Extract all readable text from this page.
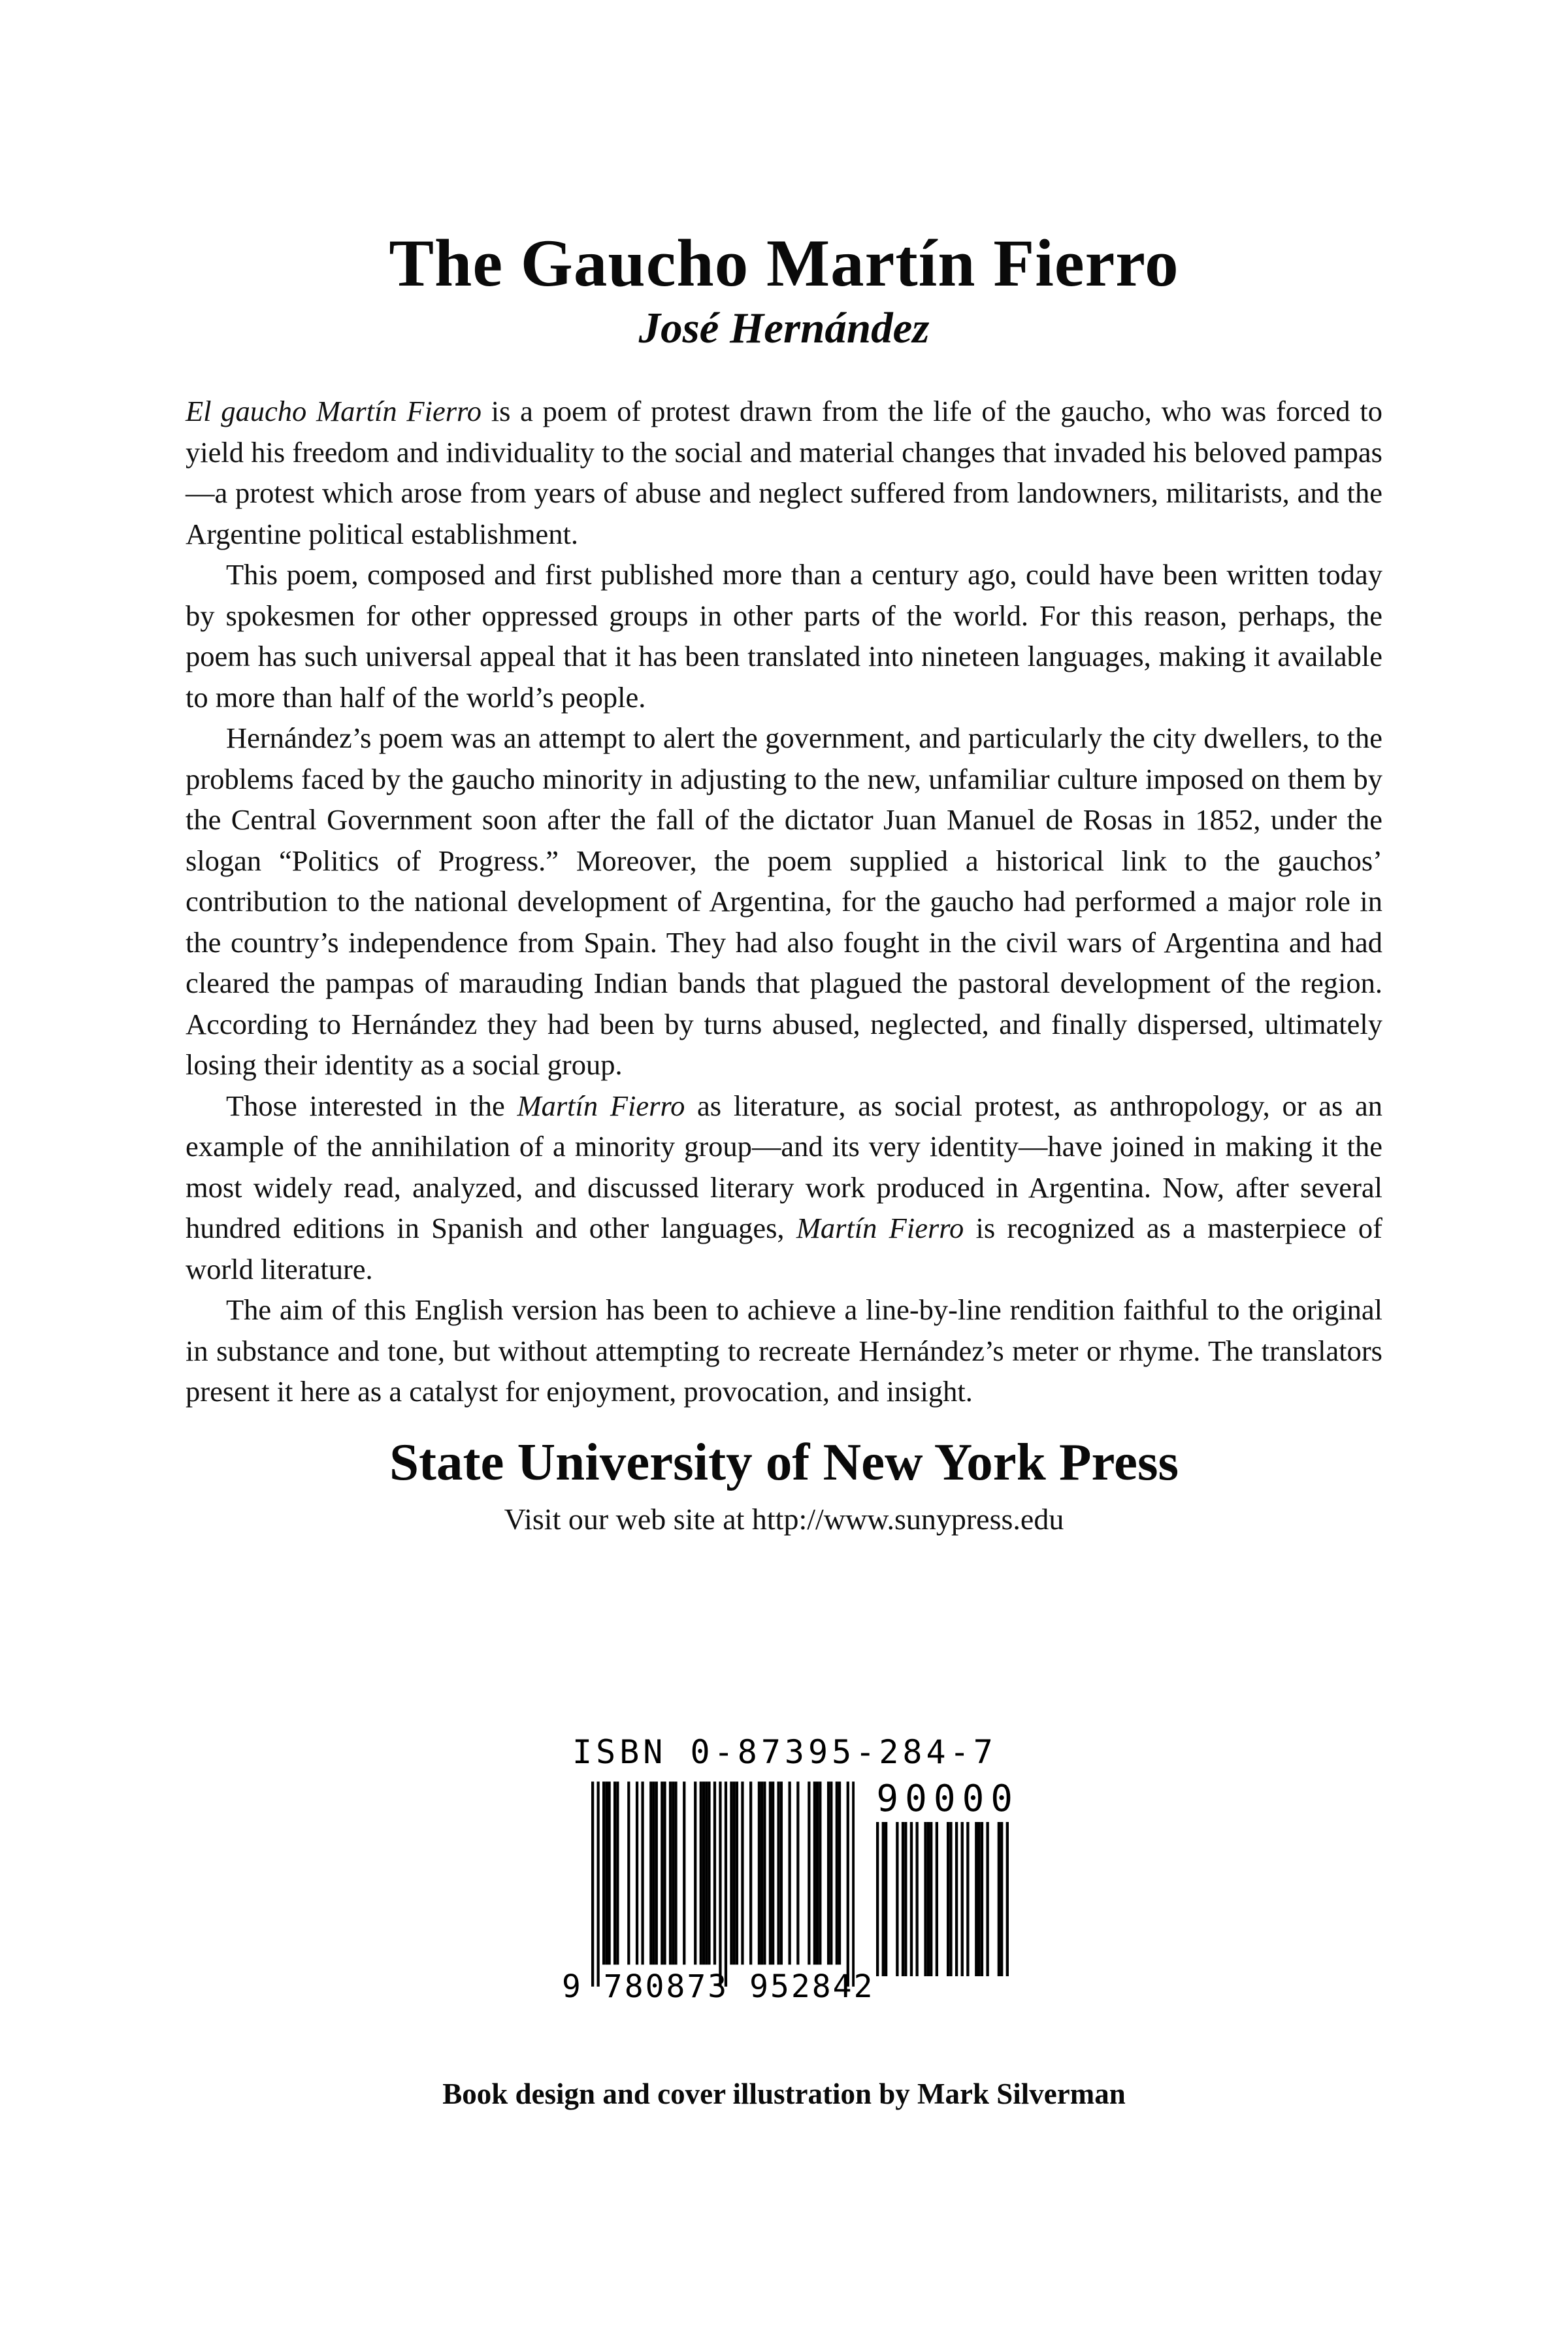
The Gaucho Martín Fierro
José Hernández

El gaucho Martín Fierro is a poem of protest drawn from the life of the gaucho, who was forced to yield his freedom and individuality to the social and material changes that invaded his beloved pampas—a protest which arose from years of abuse and neglect suffered from landowners, militarists, and the Argentine political establishment.

This poem, composed and first published more than a century ago, could have been written today by spokesmen for other oppressed groups in other parts of the world. For this reason, perhaps, the poem has such universal appeal that it has been translated into nineteen languages, making it available to more than half of the world’s people.

Hernández’s poem was an attempt to alert the government, and particularly the city dwellers, to the problems faced by the gaucho minority in adjusting to the new, unfamiliar culture imposed on them by the Central Government soon after the fall of the dictator Juan Manuel de Rosas in 1852, under the slogan “Politics of Progress.” Moreover, the poem supplied a historical link to the gauchos’ contribution to the national development of Argentina, for the gaucho had performed a major role in the country’s independence from Spain. They had also fought in the civil wars of Argentina and had cleared the pampas of marauding Indian bands that plagued the pastoral development of the region. According to Hernández they had been by turns abused, neglected, and finally dispersed, ultimately losing their identity as a social group.

Those interested in the Martín Fierro as literature, as social protest, as anthropology, or as an example of the annihilation of a minority group—and its very identity—have joined in making it the most widely read, analyzed, and discussed literary work produced in Argentina. Now, after several hundred editions in Spanish and other languages, Martín Fierro is recognized as a masterpiece of world literature.

The aim of this English version has been to achieve a line-by-line rendition faithful to the original in substance and tone, but without attempting to recreate Hernández’s meter or rhyme. The translators present it here as a catalyst for enjoyment, provocation, and insight.

State University of New York Press
Visit our web site at http://www.sunypress.edu
ISBN 0-87395-284-7
90000
9 780873 952842
Book design and cover illustration by Mark Silverman
